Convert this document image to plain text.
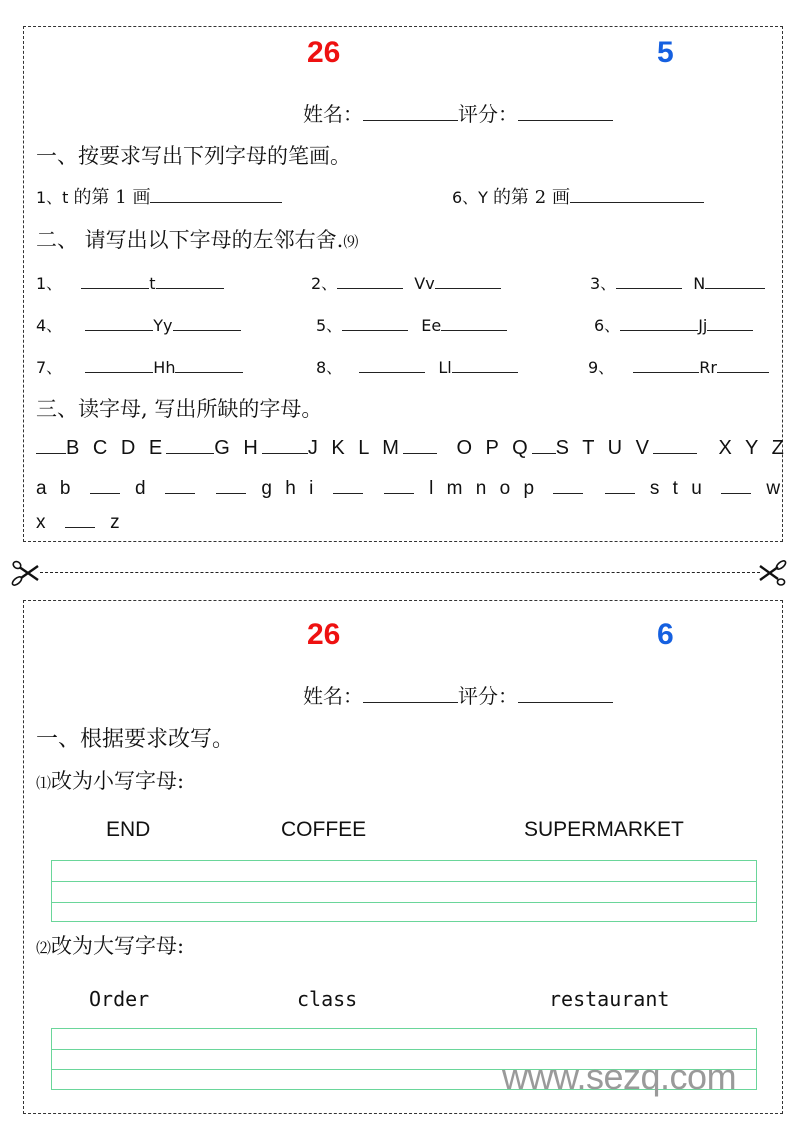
26	5
姓名：	评分：
一、按要求写出下列字母的笔画。
1、t 的第 1 画	6、Y 的第 2 画
二、 请写出以下字母的左邻右舍.⑼
1、	t	2、	Vv	3、	N
4、	Yy	5、	Ee	6、	Jj
7、	Hh	8、	Ll	9、	Rr
三、读字母, 写出所缺的字母。
B C D E G H J K L M	O P Q S T U V	X Y Z
a b	d	g h i	l m n o p	s t u	w
x	z
26	6
姓名：	评分：
一、根据要求改写。
⑴改为小写字母:
END	COFFEE	SUPERMARKET
⑵改为大写字母:
Order	class	restaurant
www.sezq.com
